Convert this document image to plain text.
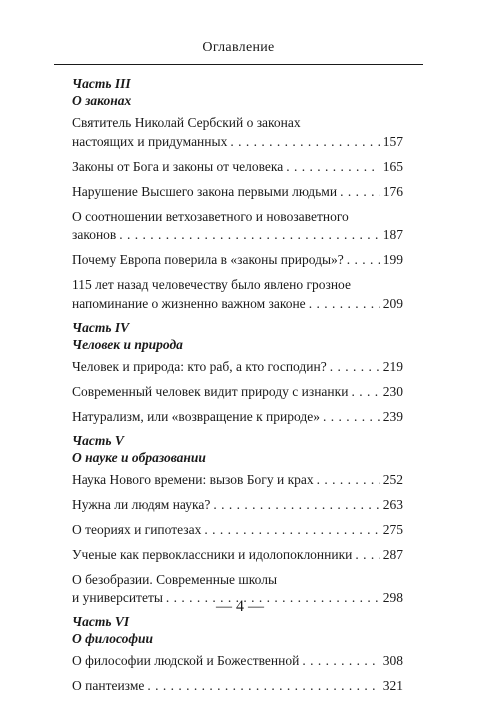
Оглавление
Часть III
О законах
Святитель Николай Сербский о законах
настоящих и придуманных . . .	157
Законы от Бога и законы от человека . . .	165
Нарушение Высшего закона первыми людьми . . .	176
О соотношении ветхозаветного и новозаветного
законов . . .	187
Почему Европа поверила в «законы природы»? . . .	199
115 лет назад человечеству было явлено грозное
напоминание о жизненно важном законе . . .	209
Часть IV
Человек и природа
Человек и природа: кто раб, а кто господин? . . .	219
Современный человек видит природу с изнанки . . .	230
Натурализм, или «возвращение к природе» . . .	239
Часть V
О науке и образовании
Наука Нового времени: вызов Богу и крах . . .	252
Нужна ли людям наука? . . .	263
О теориях и гипотезах . . .	275
Ученые как первоклассники и идолопоклонники . . . 287
О безобразии. Современные школы
и университеты . . .	298
Часть VI
О философии
О философии людской и Божественной . . .	308
О пантеизме . . .	321
— 4 —
